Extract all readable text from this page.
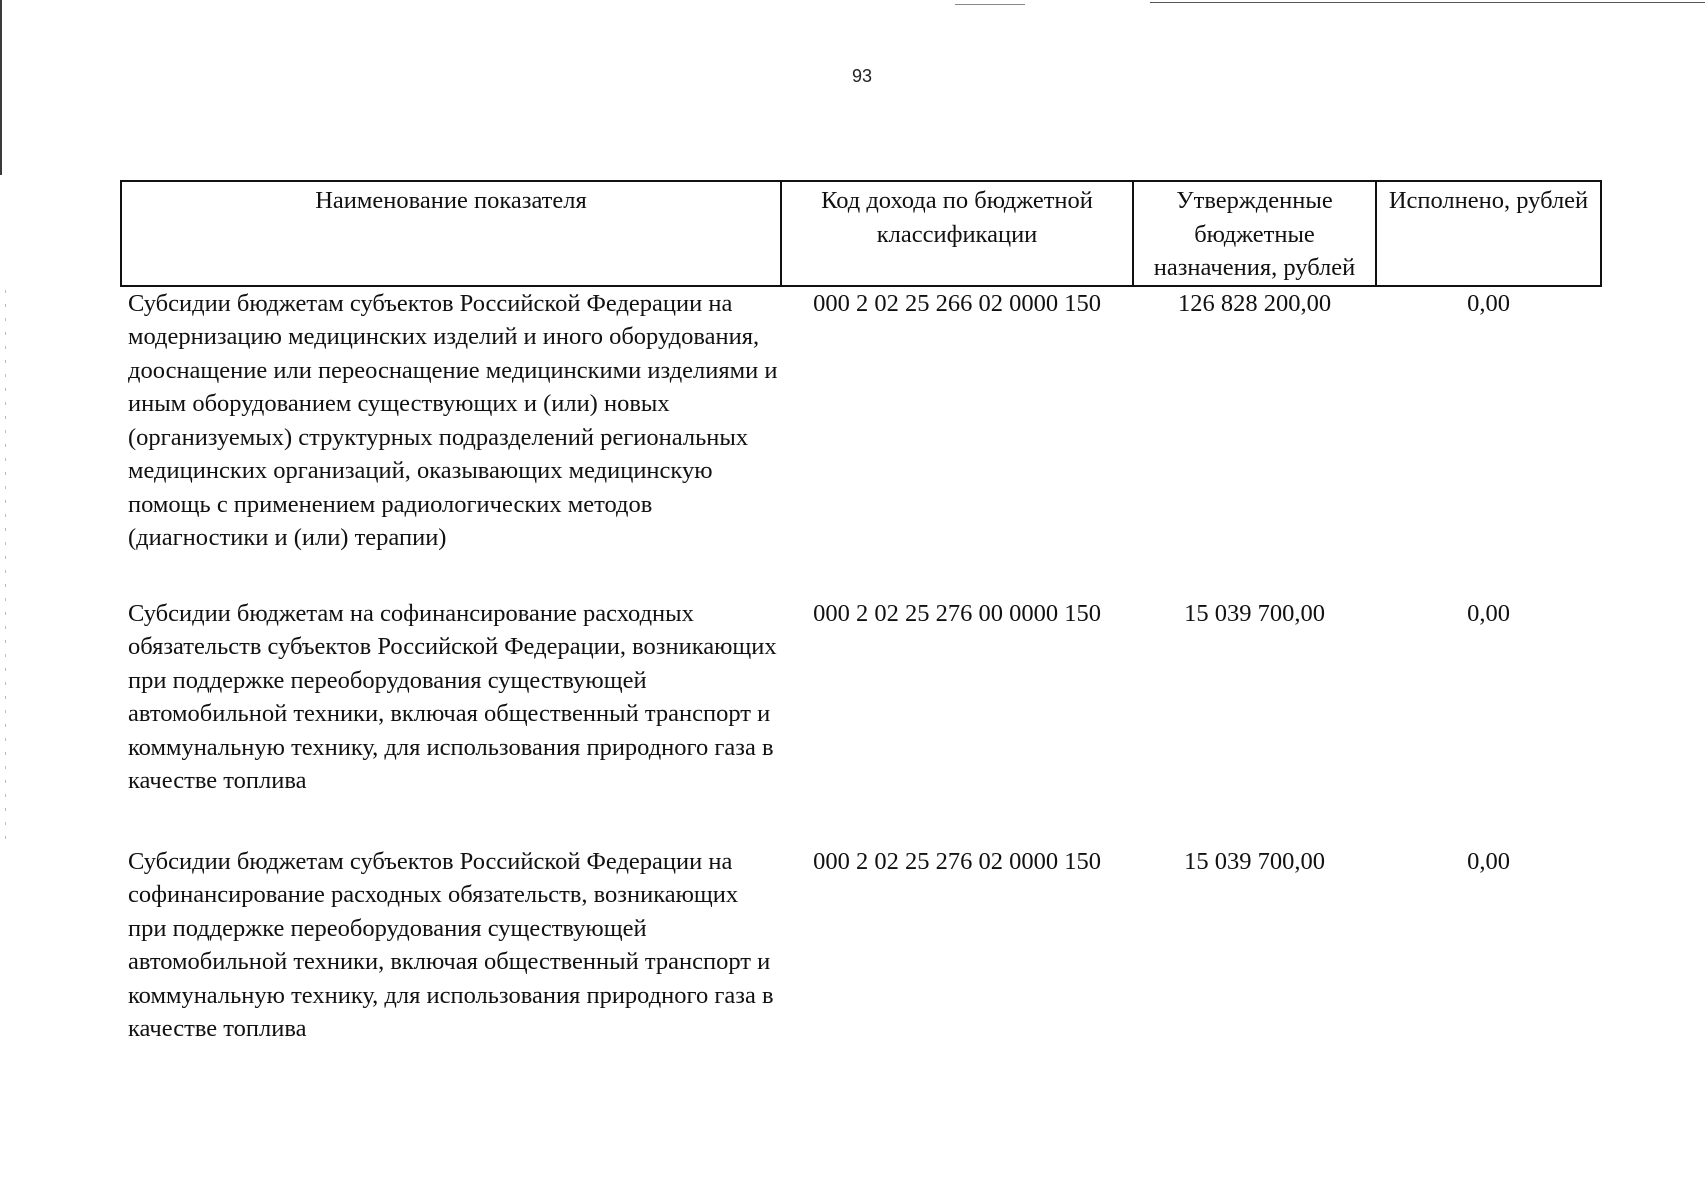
93
Наименование показателя	Код дохода по бюджетной классификации	Утвержденные бюджетные назначения, рублей	Исполнено, рублей
Субсидии бюджетам субъектов Российской Федерации на модернизацию медицинских изделий и иного оборудования, дооснащение или переоснащение медицинскими изделиями и иным оборудованием существующих и (или) новых (организуемых) структурных подразделений региональных медицинских организаций, оказывающих медицинскую помощь с применением радиологических методов (диагностики и (или) терапии)	000 2 02 25 266 02 0000 150	126 828 200,00	0,00
Субсидии бюджетам на софинансирование расходных обязательств субъектов Российской Федерации, возникающих при поддержке переоборудования существующей автомобильной техники, включая общественный транспорт и коммунальную технику, для использования природного газа в качестве топлива	000 2 02 25 276 00 0000 150	15 039 700,00	0,00
Субсидии бюджетам субъектов Российской Федерации на софинансирование расходных обязательств, возникающих при поддержке переоборудования существующей автомобильной техники, включая общественный транспорт и коммунальную технику, для использования природного газа в качестве топлива	000 2 02 25 276 02 0000 150	15 039 700,00	0,00
